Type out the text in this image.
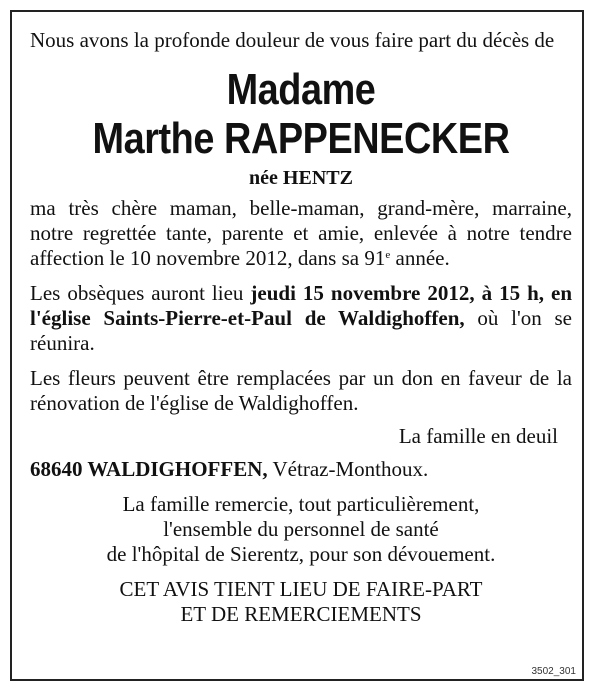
Nous avons la profonde douleur de vous faire part du décès de

Madame
Marthe RAPPENECKER
née HENTZ

ma très chère maman, belle-maman, grand-mère, marraine, notre regrettée tante, parente et amie, enlevée à notre tendre affection le 10 novembre 2012, dans sa 91e année.

Les obsèques auront lieu jeudi 15 novembre 2012, à 15 h, en l'église Saints-Pierre-et-Paul de Waldighoffen, où l'on se réunira.

Les fleurs peuvent être remplacées par un don en faveur de la rénovation de l'église de Waldighoffen.

La famille en deuil

68640 WALDIGHOFFEN, Vétraz-Monthoux.

La famille remercie, tout particulièrement,

l'ensemble du personnel de santé

de l'hôpital de Sierentz, pour son dévouement.

CET AVIS TIENT LIEU DE FAIRE-PART

ET DE REMERCIEMENTS

3502_301
